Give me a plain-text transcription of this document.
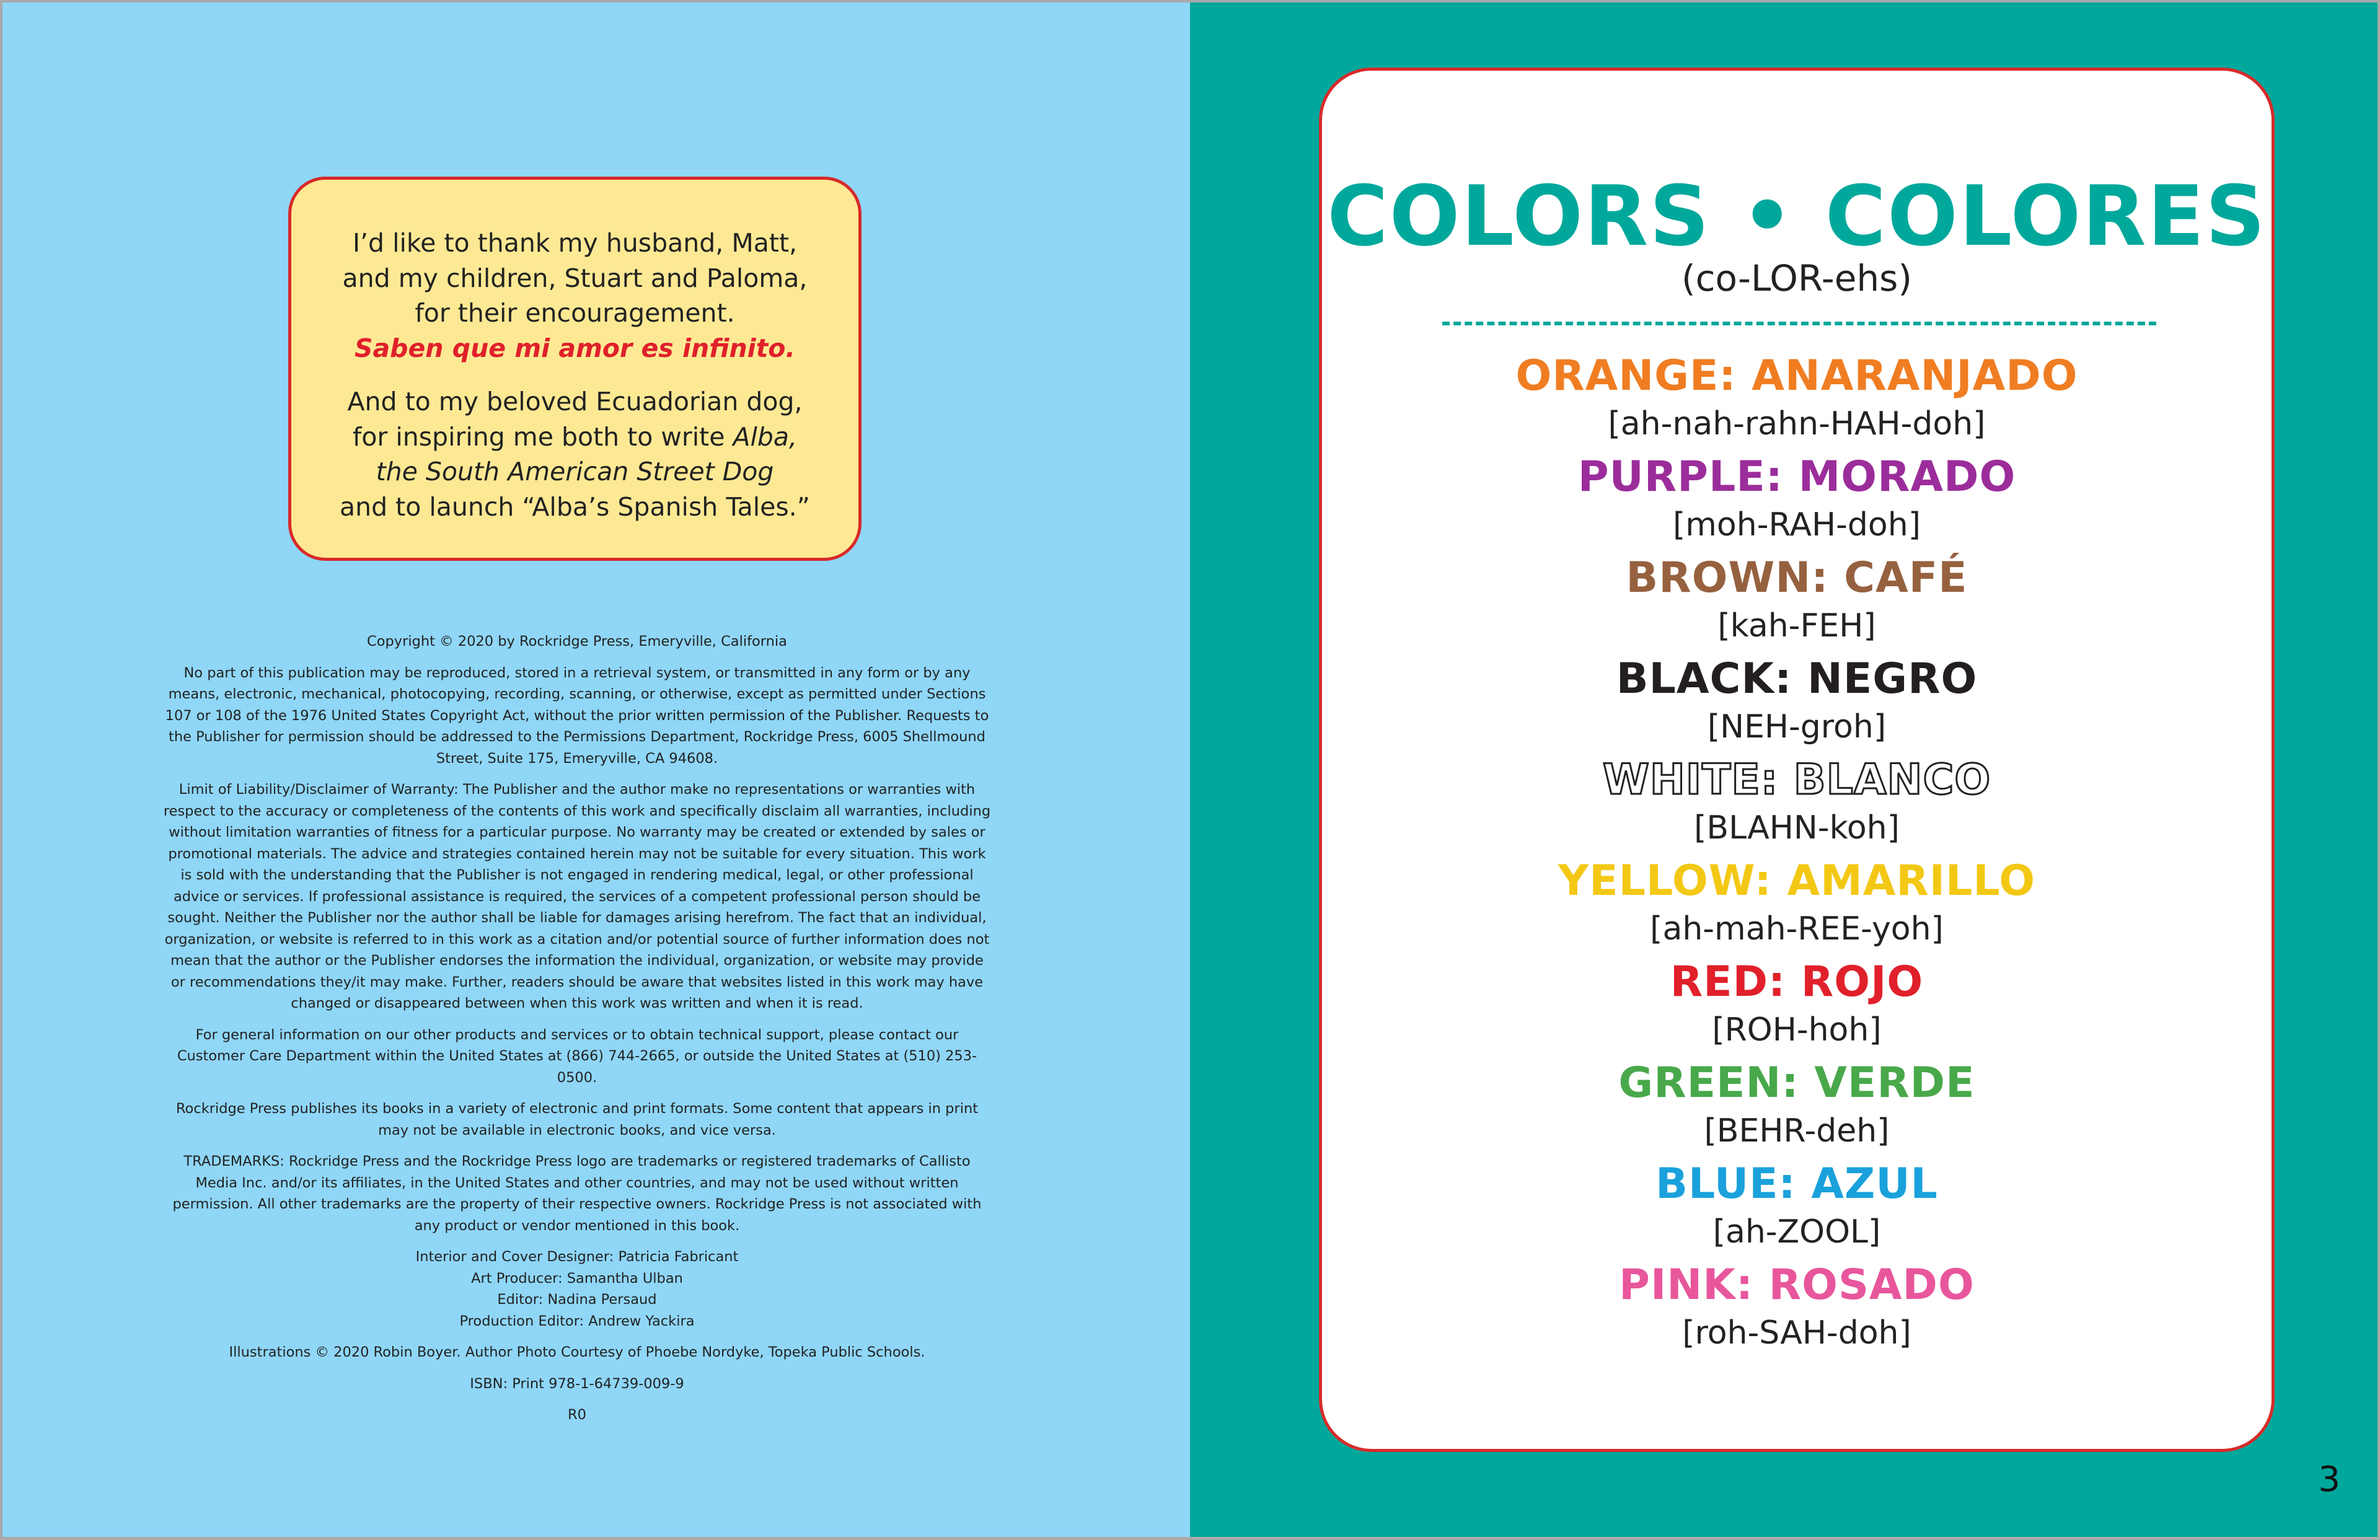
I’d like to thank my husband, Matt,

and my children, Stuart and Paloma,

for their encouragement.

Saben que mi amor es infinito.

And to my beloved Ecuadorian dog,

for inspiring me both to write Alba,

the South American Street Dog

and to launch “Alba’s Spanish Tales.”

Copyright © 2020 by Rockridge Press, Emeryville, California

No part of this publication may be reproduced, stored in a retrieval system, or transmitted in any form or by any means, electronic, mechanical, photocopying, recording, scanning, or otherwise, except as permitted under Sections 107 or 108 of the 1976 United States Copyright Act, without the prior written permission of the Publisher. Requests to the Publisher for permission should be addressed to the Permissions Department, Rockridge Press, 6005 Shellmound Street, Suite 175, Emeryville, CA 94608.

Limit of Liability/Disclaimer of Warranty: The Publisher and the author make no representations or warranties with respect to the accuracy or completeness of the contents of this work and specifically disclaim all warranties, including without limitation warranties of fitness for a particular purpose. No warranty may be created or extended by sales or promotional materials. The advice and strategies contained herein may not be suitable for every situation. This work is sold with the understanding that the Publisher is not engaged in rendering medical, legal, or other professional advice or services. If professional assistance is required, the services of a competent professional person should be sought. Neither the Publisher nor the author shall be liable for damages arising herefrom. The fact that an individual, organization, or website is referred to in this work as a citation and/or potential source of further information does not mean that the author or the Publisher endorses the information the individual, organization, or website may provide or recommendations they/it may make. Further, readers should be aware that websites listed in this work may have changed or disappeared between when this work was written and when it is read.

For general information on our other products and services or to obtain technical support, please contact our Customer Care Department within the United States at (866) 744-2665, or outside the United States at (510) 253-0500.

Rockridge Press publishes its books in a variety of electronic and print formats. Some content that appears in print may not be available in electronic books, and vice versa.

TRADEMARKS: Rockridge Press and the Rockridge Press logo are trademarks or registered trademarks of Callisto Media Inc. and/or its affiliates, in the United States and other countries, and may not be used without written permission. All other trademarks are the property of their respective owners. Rockridge Press is not associated with any product or vendor mentioned in this book.

Interior and Cover Designer: Patricia Fabricant
Art Producer: Samantha Ulban
Editor: Nadina Persaud
Production Editor: Andrew Yackira

Illustrations © 2020 Robin Boyer. Author Photo Courtesy of Phoebe Nordyke, Topeka Public Schools.

ISBN: Print 978-1-64739-009-9

R0

COLORS • COLORES
(co-LOR-ehs)
ORANGE: ANARANJADO
[ah-nah-rahn-HAH-doh]
PURPLE: MORADO
[moh-RAH-doh]
BROWN: CAFÉ
[kah-FEH]
BLACK: NEGRO
[NEH-groh]
WHITE: BLANCO
[BLAHN-koh]
YELLOW: AMARILLO
[ah-mah-REE-yoh]
RED: ROJO
[ROH-hoh]
GREEN: VERDE
[BEHR-deh]
BLUE: AZUL
[ah-ZOOL]
PINK: ROSADO
[roh-SAH-doh]
3
